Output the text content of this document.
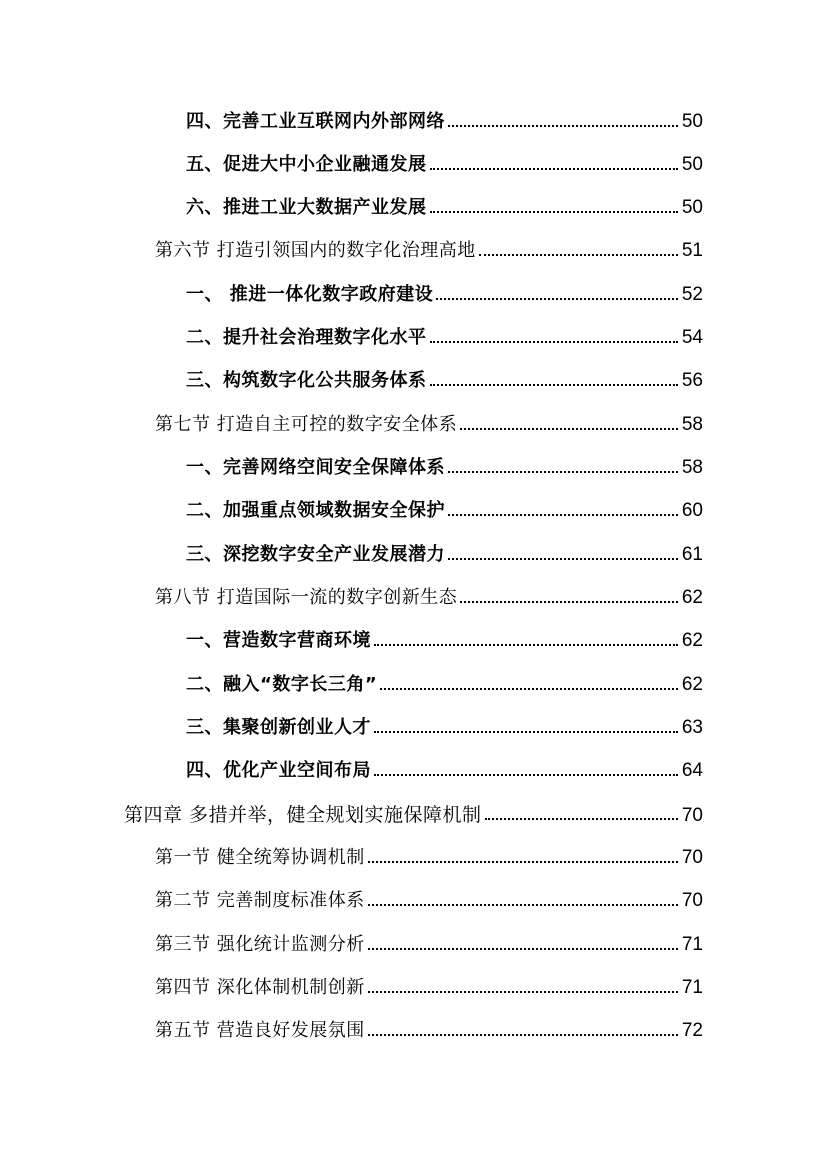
四、完善工业互联网内外部网络	50
五、促进大中小企业融通发展	50
六、推进工业大数据产业发展	50
第六节 打造引领国内的数字化治理高地	51
一、 推进一体化数字政府建设	52
二、提升社会治理数字化水平	54
三、构筑数字化公共服务体系	56
第七节 打造自主可控的数字安全体系	58
一、完善网络空间安全保障体系	58
二、加强重点领域数据安全保护	60
三、深挖数字安全产业发展潜力	61
第八节 打造国际一流的数字创新生态	62
一、营造数字营商环境	62
二、融入“数字长三角”	62
三、集聚创新创业人才	63
四、优化产业空间布局	64
第四章 多措并举，健全规划实施保障机制	70
第一节 健全统筹协调机制	70
第二节 完善制度标准体系	70
第三节 强化统计监测分析	71
第四节 深化体制机制创新	71
第五节 营造良好发展氛围	72
